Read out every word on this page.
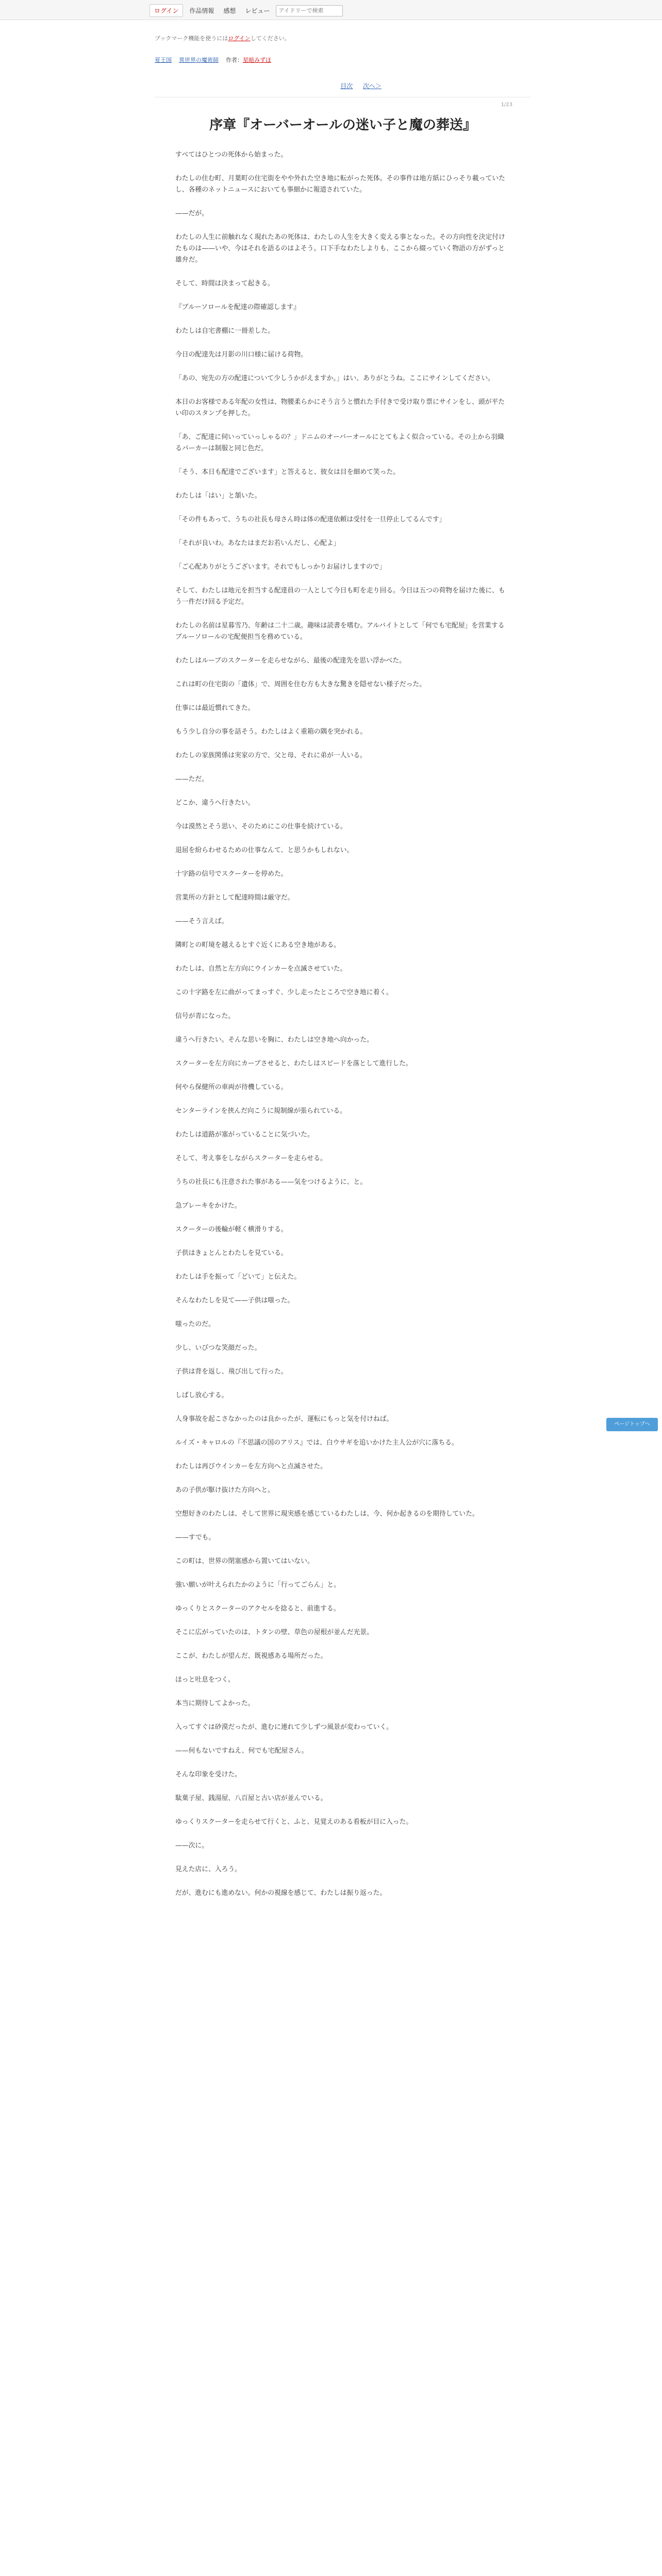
ログイン	作品情報	感想	レビュー
アイドリーで検索
ブックマーク機能を使うにはログインしてください。
夏王国 異世界の魔術師 作者：星暗みずほ
目次 次へ＞
1/23
序章『オーバーオールの迷い子と魔の葬送』

すべてはひとつの死体から始まった。

わたしの住む町、月葉町の住宅街をやや外れた空き地に転がった死体。その事件は地方紙にひっそり載っていたし、各種のネットニュースにおいても事細かに報道されていた。

——だが。

わたしの人生に前触れなく現れたあの死体は、わたしの人生を大きく変える事となった。その方向性を決定付けたものは——いや、今はそれを語るのはよそう。口下手なわたしよりも、ここから綴っていく物語の方がずっと雄弁だ。

そして、時間は決まって起きる。

『ブルーソロールを配達の際確認します』

わたしは自宅書棚に一冊差した。

今日の配達先は月影の川口様に届ける荷物。

「あの、宛先の方の配達について少しうかがえますか。」はい、ありがとうね。ここにサインしてください。

本日のお客様である年配の女性は、物腰柔らかにそう言うと慣れた手付きで受け取り票にサインをし、頭が平たい印のスタンプを押した。

「あ、ご配達に伺いっていっしゃるの？」ドニムのオーバーオールにとてもよく似合っている。その上から羽織るパーカーは制服と同じ色だ。

「そう、本日も配達でございます」と答えると、彼女は目を細めて笑った。

わたしは「はい」と頷いた。

「その件もあって、うちの社長も母さん時は体の配達依頼は受付を一旦停止してるんです」

「それが良いわ。あなたはまだお若いんだし、心配よ」

「ご心配ありがとうございます。それでもしっかりお届けしますので」

そして、わたしは地元を担当する配達員の一人として今日も町を走り回る。今日は五つの荷物を届けた後に、もう一件だけ回る予定だ。

わたしの名前は星暮雪乃、年齢は二十二歳。趣味は読書を嗜む。アルバイトとして「何でも宅配屋」を営業するブルーソロールの宅配便担当を務めている。

わたしはルーブのスクーターを走らせながら、最後の配達先を思い浮かべた。

これは町の住宅街の「遺体」で、周囲を住む方も大きな驚きを隠せない様子だった。

仕事には最近慣れてきた。

もう少し自分の事を話そう。わたしはよく重箱の隅を突かれる。

わたしの家族関係は実家の方で、父と母、それに弟が一人いる。

——ただ。

どこか、違うへ行きたい。

今は漠然とそう思い、そのためにこの仕事を続けている。

退屈を紛らわせるための仕事なんて、と思うかもしれない。

十字路の信号でスクーターを停めた。

営業所の方針として配達時間は厳守だ。

——そう言えば。

隣町との町境を越えるとすぐ近くにある空き地がある。

わたしは、自然と左方向にウインカーを点滅させていた。

この十字路を左に曲がってまっすぐ、少し走ったところで空き地に着く。

信号が青になった。

違うへ行きたい。そんな思いを胸に、わたしは空き地へ向かった。

スクーターを左方向にカーブさせると、わたしはスピードを落として進行した。

何やら保健所の車両が待機している。

センターラインを挟んだ向こうに規制線が張られている。

わたしは道路が塞がっていることに気づいた。

そして、考え事をしながらスクーターを走らせる。

うちの社長にも注意された事がある——気をつけるように、と。

急ブレーキをかけた。

スクーターの後輪が軽く横滑りする。

子供はきょとんとわたしを見ている。

わたしは手を振って「どいて」と伝えた。

そんなわたしを見て——子供は嗤った。

嗤ったのだ。

少し、いびつな笑顔だった。

子供は背を返し、飛び出して行った。

しばし放心する。

人身事故を起こさなかったのは良かったが、運転にもっと気を付けねば。

ルイズ・キャロルの『不思議の国のアリス』では、白ウサギを追いかけた主人公が穴に落ちる。

わたしは再びウインカーを左方向へと点滅させた。

あの子供が駆け抜けた方向へと。

空想好きのわたしは、そして世界に現実感を感じているわたしは、今、何か起きるのを期待していた。

——すでも。

この町は、世界の閉塞感から置いてはいない。

強い願いが叶えられたかのように「行ってごらん」と。

ゆっくりとスクーターのアクセルを捻ると、前進する。

そこに広がっていたのは、トタンの壁、草色の屋根が並んだ光景。

ここが、わたしが望んだ、既視感ある場所だった。

ほっと吐息をつく。

本当に期待してよかった。

入ってすぐは砂漠だったが、進むに連れて少しずつ風景が変わっていく。

——何もないですねえ、何でも宅配屋さん。

そんな印象を受けた。

駄菓子屋、銭湯屋、八百屋と古い店が並んでいる。

ゆっくりスクーターを走らせて行くと、ふと、見覚えのある看板が目に入った。

——次に。

見えた店に、入ろう。

だが、進むにも進めない。何かの視線を感じて、わたしは振り返った。

ページトップへ
